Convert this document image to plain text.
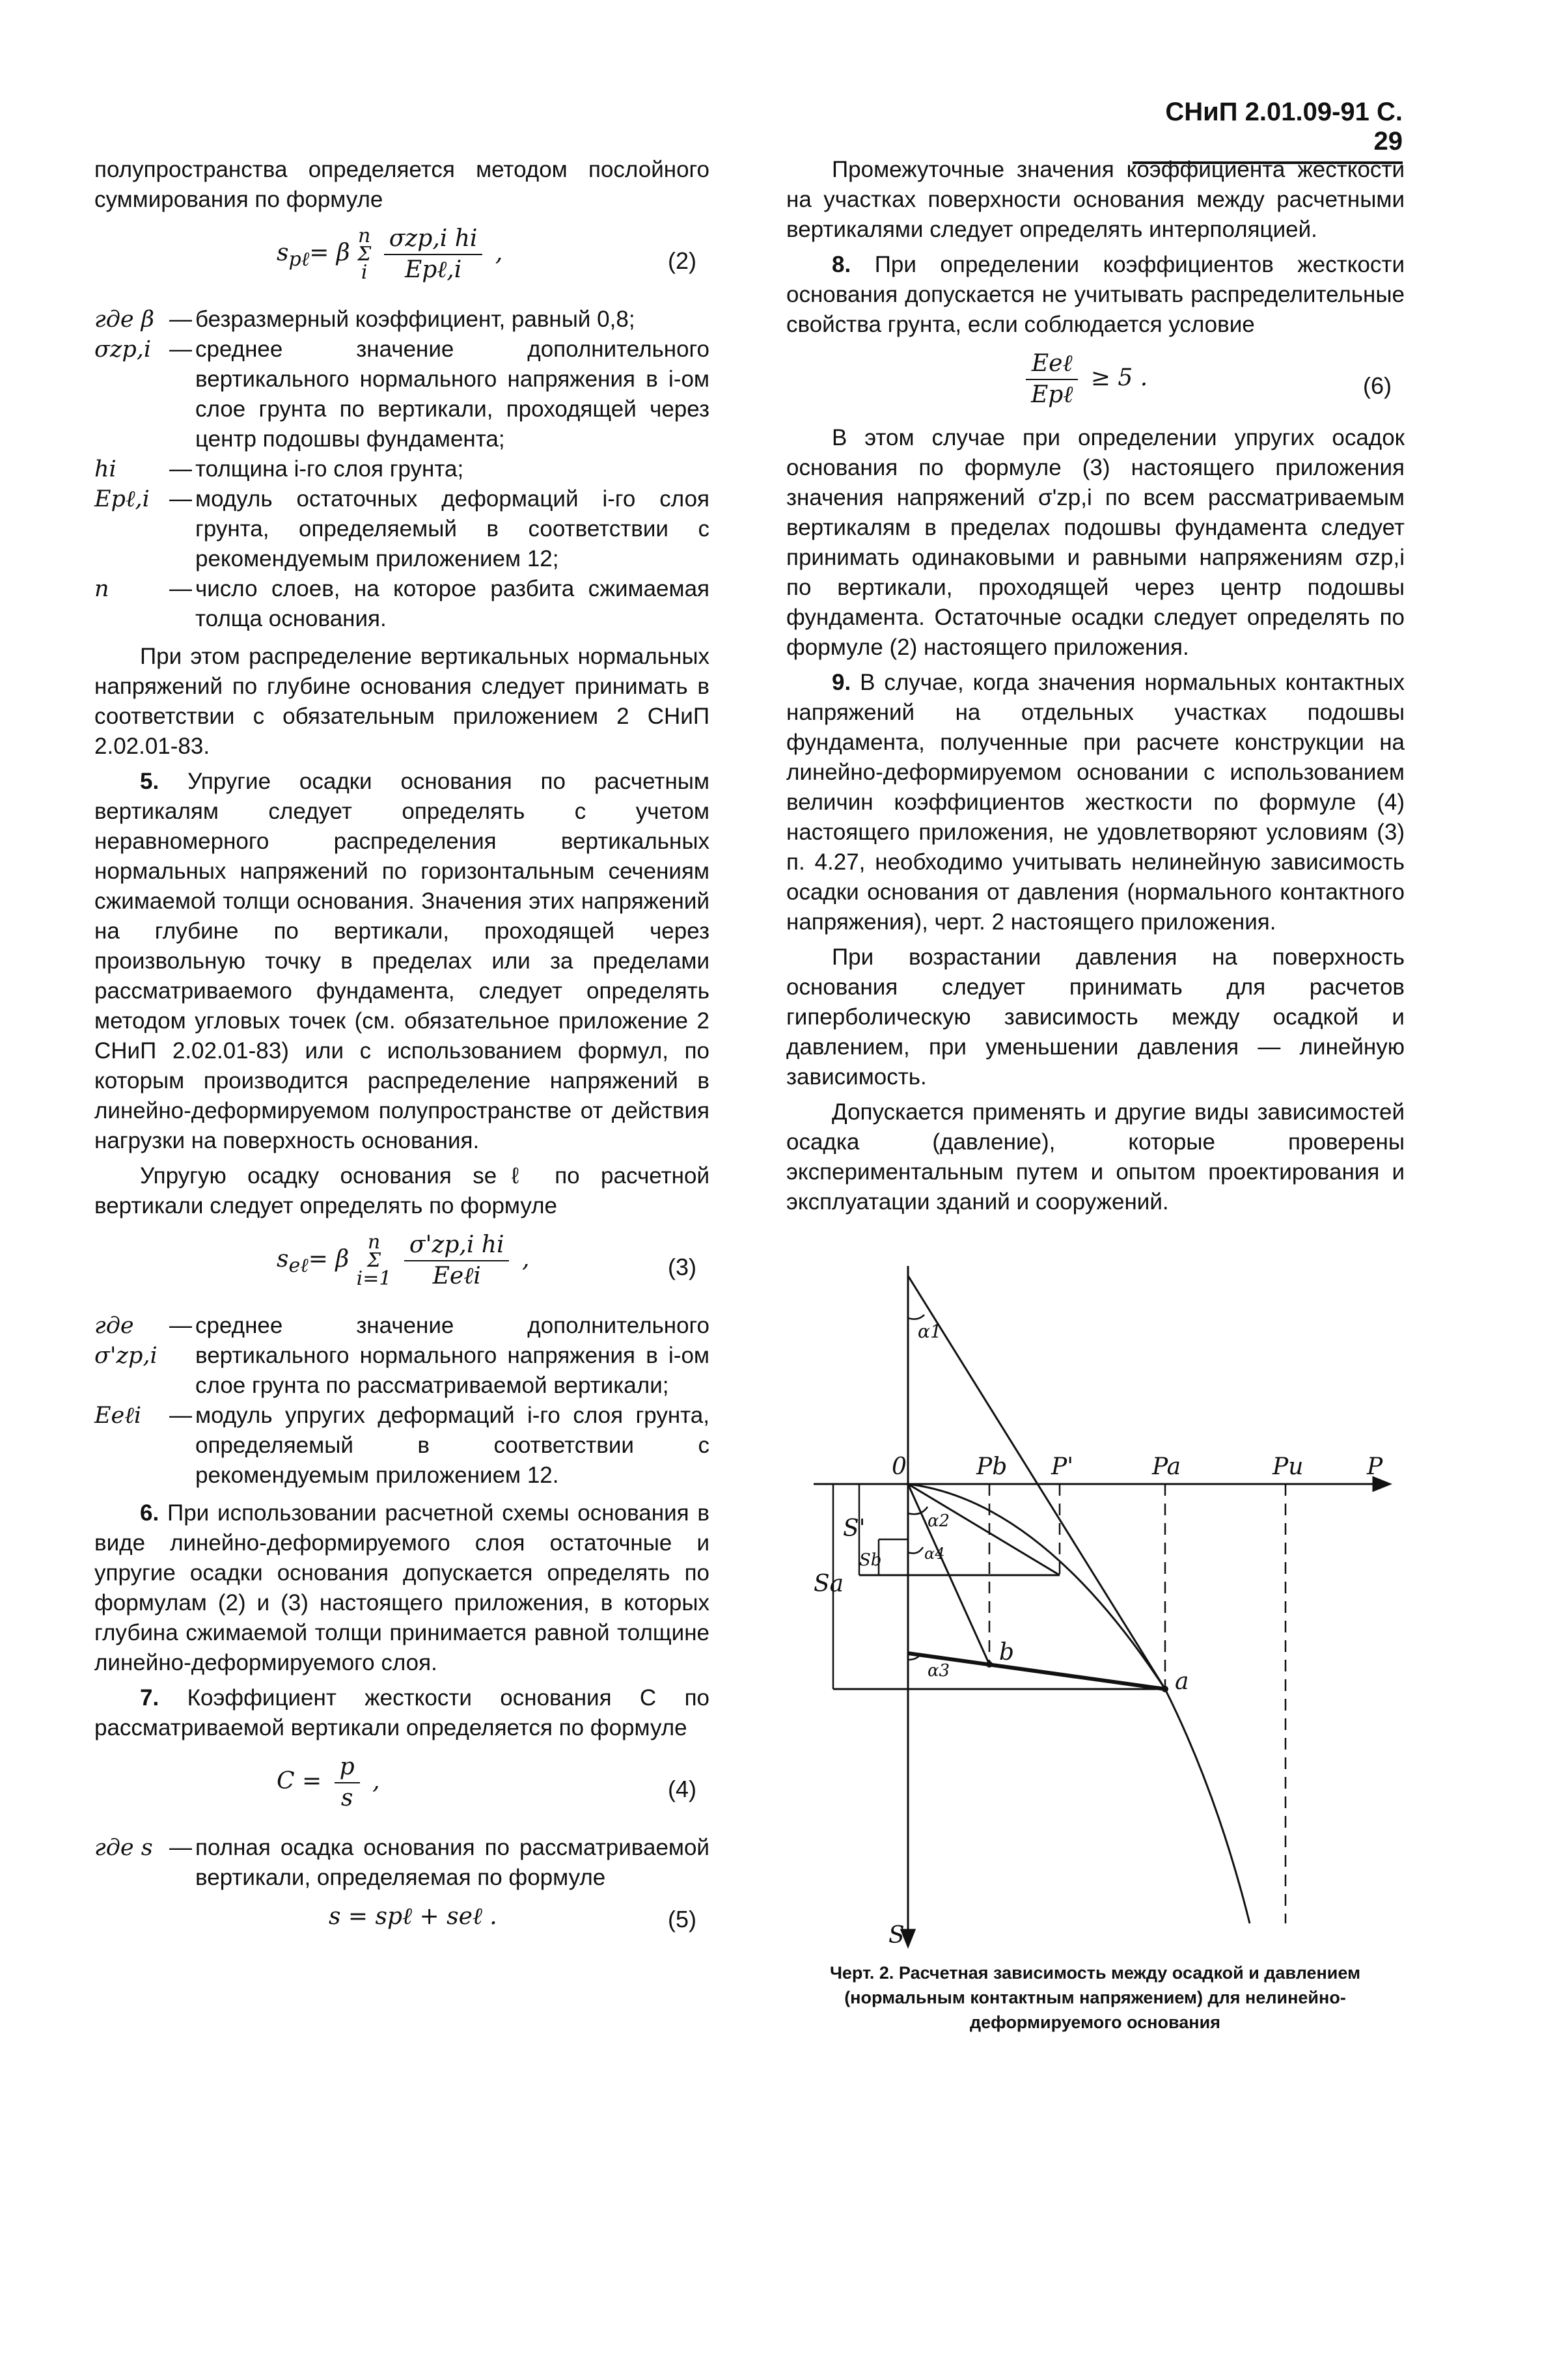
СНиП 2.01.09-91 С. 29

полупространства определяется методом послойного суммирования по формуле

$s_{p\ell}= \beta$ n
Σ
i $\frac{\text{σzp,i hi}}{\text{Epℓ,i}}$ ,	(2)
где β — безразмерный коэффициент, равный 0,8;
σzp,i — среднее значение дополнительного вертикального нормального напряжения в i-ом слое грунта по вертикали, проходящей через центр подошвы фундамента;
hi	— толщина i-го слоя грунта;
Epℓ,i — модуль остаточных деформаций i-го слоя грунта, определяемый в соответствии с рекомендуемым приложением 12;
n	— число слоев, на которое разбита сжимаемая толща основания.

При этом распределение вертикальных нормальных напряжений по глубине основания следует принимать в соответствии с обязательным приложением 2 СНиП 2.02.01-83.

5. Упругие осадки основания по расчетным вертикалям следует определять с учетом неравномерного распределения вертикальных нормальных напряжений по горизонтальным сечениям сжимаемой толщи основания. Значения этих напряжений на глубине по вертикали, проходящей через произвольную точку в пределах или за пределами рассматриваемого фундамента, следует определять методом угловых точек (см. обязательное приложение 2 СНиП 2.02.01-83) или с использованием формул, по которым производится распределение напряжений в линейно-деформируемом полупространстве от действия нагрузки на поверхность основания.

Упругую осадку основания seℓ по расчетной вертикали следует определять по формуле

$s_{e\ell}= \beta$ n
Σ
$i=1 \frac{\text{σ'zp,i hi}}{\text{Eeℓi}}$ ,	(3)
где σ'zp,i
— среднее значение дополнительного вертикального нормального напряжения в i-ом слое грунта по рассматриваемой вертикали;
Eeℓi	— модуль упругих деформаций i-го слоя грунта, определяемый в соответствии с рекомендуемым приложением 12.

6. При использовании расчетной схемы основания в виде линейно-деформируемого слоя остаточные и упругие осадки основания допускается определять по формулам (2) и (3) настоящего приложения, в которых глубина сжимаемой толщи принимается равной толщине линейно-деформируемого слоя.

7. Коэффициент жесткости основания C по рассматриваемой вертикали определяется по формуле

$C = \frac{p}{s}$ ,	(4)
где s — полная осадка основания по рассматриваемой вертикали, определяемая по формуле
s = spℓ + seℓ .	(5)

Промежуточные значения коэффициента жесткости на участках поверхности основания между расчетными вертикалями следует определять интерполяцией.

8. При определении коэффициентов жесткости основания допускается не учитывать распределительные свойства грунта, если соблюдается условие

$\frac{\text{Eeℓ}}{\text{Epℓ}} \ge 5$ .	(6)

В этом случае при определении упругих осадок основания по формуле (3) настоящего приложения значения напряжений σ'zp,i по всем рассматриваемым вертикалям в пределах подошвы фундамента следует принимать одинаковыми и равными напряжениям σzp,i по вертикали, проходящей через центр подошвы фундамента. Остаточные осадки следует определять по формуле (2) настоящего приложения.

9. В случае, когда значения нормальных контактных напряжений на отдельных участках подошвы фундамента, полученные при расчете конструкции на линейно-деформируемом основании с использованием величин коэффициентов жесткости по формуле (4) настоящего приложения, не удовлетворяют условиям (3) п. 4.27, необходимо учитывать нелинейную зависимость осадки основания от давления (нормального контактного напряжения), черт. 2 настоящего приложения.

При возрастании давления на поверхность основания следует принимать для расчетов гиперболическую зависимость между осадкой и давлением, при уменьшении давления — линейную зависимость.

Допускается применять и другие виды зависимостей осадка (давление), которые проверены экспериментальным путем и опытом проектирования и эксплуатации зданий и сооружений.

0	Pb P'	Pa	Pu	P
S
Sa
S'
Sb
a
b
α1
α2
α3
α4
Черт. 2. Расчетная зависимость между осадкой и давлением (нормальным контактным напряжением) для нелинейно-деформируемого основания
